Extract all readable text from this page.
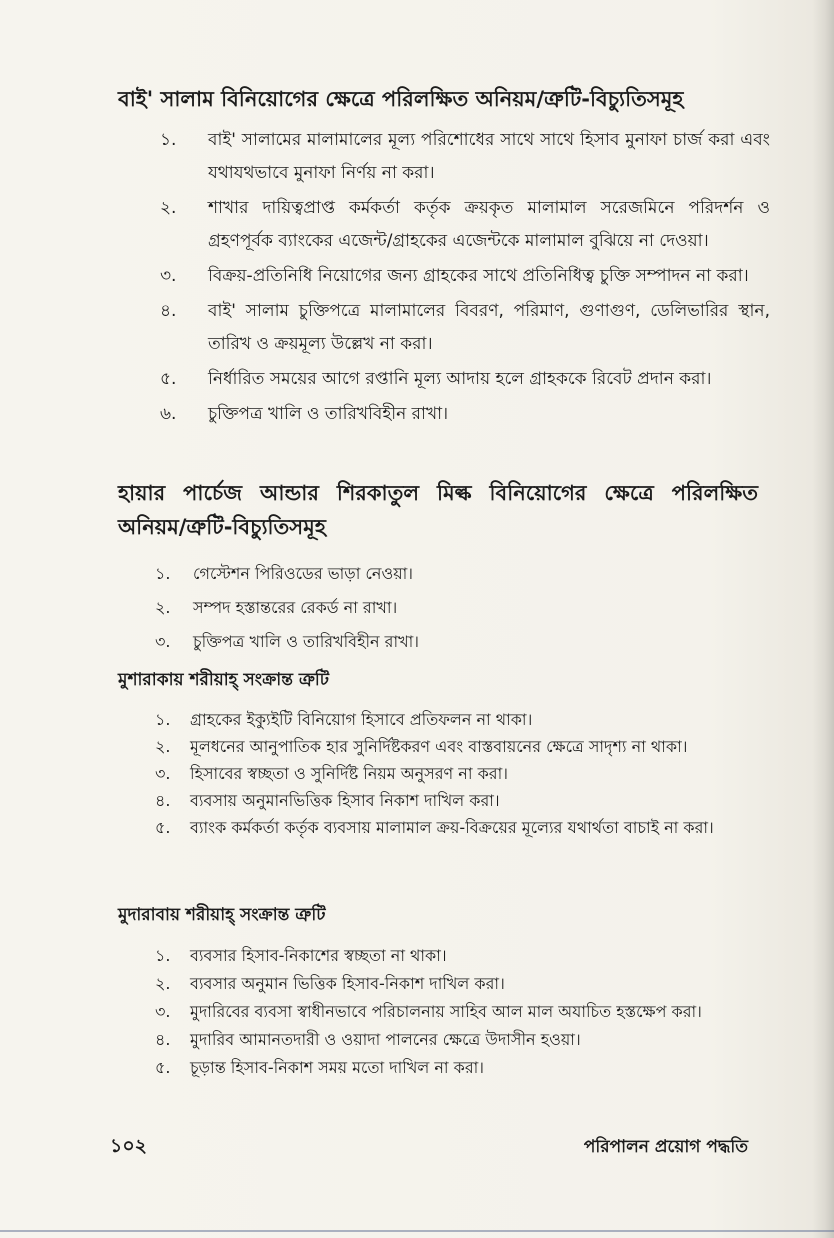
বাই' সালাম বিনিয়োগের ক্ষেত্রে পরিলক্ষিত অনিয়ম/ত্রুটি-বিচ্যুতিসমূহ
১. বাই' সালামের মালামালের মূল্য পরিশোধের সাথে সাথে হিসাব মুনাফা চার্জ করা এবং যথাযথভাবে মুনাফা নির্ণয় না করা।
২. শাখার দায়িত্বপ্রাপ্ত কর্মকর্তা কর্তৃক ক্রয়কৃত মালামাল সরেজমিনে পরিদর্শন ও গ্রহণপূর্বক ব্যাংকের এজেন্ট/গ্রাহকের এজেন্টকে মালামাল বুঝিয়ে না দেওয়া।
৩. বিক্রয়-প্রতিনিধি নিয়োগের জন্য গ্রাহকের সাথে প্রতিনিধিত্ব চুক্তি সম্পাদন না করা।
৪. বাই' সালাম চুক্তিপত্রে মালামালের বিবরণ, পরিমাণ, গুণাগুণ, ডেলিভারির স্থান, তারিখ ও ক্রয়মূল্য উল্লেখ না করা।
৫. নির্ধারিত সময়ের আগে রপ্তানি মূল্য আদায় হলে গ্রাহককে রিবেট প্রদান করা।
৬. চুক্তিপত্র খালি ও তারিখবিহীন রাখা।
হায়ার পার্চেজ আন্ডার শিরকাতুল মিল্ক বিনিয়োগের ক্ষেত্রে পরিলক্ষিত অনিয়ম/ত্রুটি-বিচ্যুতিসমূহ
১. গেস্টেশন পিরিওডের ভাড়া নেওয়া।
২. সম্পদ হস্তান্তরের রেকর্ড না রাখা।
৩. চুক্তিপত্র খালি ও তারিখবিহীন রাখা।
মুশারাকায় শরীয়াহ্‌ সংক্রান্ত ত্রুটি
১. গ্রাহকের ইক্যুইটি বিনিয়োগ হিসাবে প্রতিফলন না থাকা।
২. মূলধনের আনুপাতিক হার সুনির্দিষ্টকরণ এবং বাস্তবায়নের ক্ষেত্রে সাদৃশ্য না থাকা।
৩. হিসাবের স্বচ্ছতা ও সুনির্দিষ্ট নিয়ম অনুসরণ না করা।
৪. ব্যবসায় অনুমানভিত্তিক হিসাব নিকাশ দাখিল করা।
৫. ব্যাংক কর্মকর্তা কর্তৃক ব্যবসায় মালামাল ক্রয়-বিক্রয়ের মূল্যের যথার্থতা বাচাই না করা।
মুদারাবায় শরীয়াহ্‌ সংক্রান্ত ত্রুটি
১. ব্যবসার হিসাব-নিকাশের স্বচ্ছতা না থাকা।
২. ব্যবসার অনুমান ভিত্তিক হিসাব-নিকাশ দাখিল করা।
৩. মুদারিবের ব্যবসা স্বাধীনভাবে পরিচালনায় সাহিব আল মাল অযাচিত হস্তক্ষেপ করা।
৪. মুদারিব আমানতদারী ও ওয়াদা পালনের ক্ষেত্রে উদাসীন হওয়া।
৫. চূড়ান্ত হিসাব-নিকাশ সময় মতো দাখিল না করা।
১০২	পরিপালন প্রয়োগ পদ্ধতি
